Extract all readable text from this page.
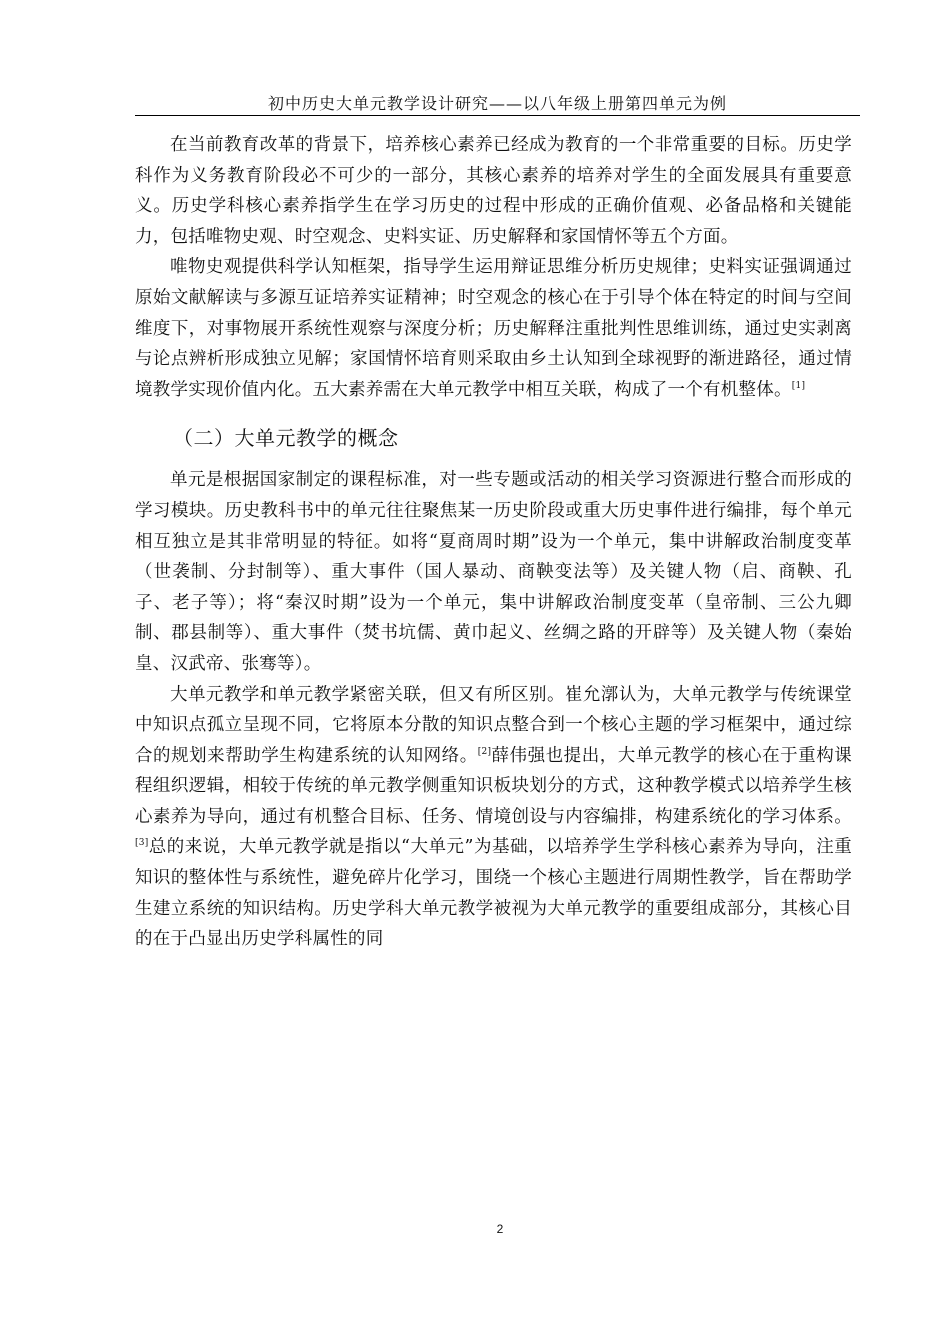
初中历史大单元教学设计研究——以八年级上册第四单元为例

在当前教育改革的背景下，培养核心素养已经成为教育的一个非常重要的目标。历史学科作为义务教育阶段必不可少的一部分，其核心素养的培养对学生的全面发展具有重要意义。历史学科核心素养指学生在学习历史的过程中形成的正确价值观、必备品格和关键能力，包括唯物史观、时空观念、史料实证、历史解释和家国情怀等五个方面。

唯物史观提供科学认知框架，指导学生运用辩证思维分析历史规律；史料实证强调通过原始文献解读与多源互证培养实证精神；时空观念的核心在于引导个体在特定的时间与空间维度下，对事物展开系统性观察与深度分析；历史解释注重批判性思维训练，通过史实剥离与论点辨析形成独立见解；家国情怀培育则采取由乡土认知到全球视野的渐进路径，通过情境教学实现价值内化。五大素养需在大单元教学中相互关联，构成了一个有机整体。[1]

（二）大单元教学的概念

单元是根据国家制定的课程标准，对一些专题或活动的相关学习资源进行整合而形成的学习模块。历史教科书中的单元往往聚焦某一历史阶段或重大历史事件进行编排，每个单元相互独立是其非常明显的特征。如将“夏商周时期”设为一个单元，集中讲解政治制度变革（世袭制、分封制等）、重大事件（国人暴动、商鞅变法等）及关键人物（启、商鞅、孔子、老子等）；将“秦汉时期”设为一个单元，集中讲解政治制度变革（皇帝制、三公九卿制、郡县制等）、重大事件（焚书坑儒、黄巾起义、丝绸之路的开辟等）及关键人物（秦始皇、汉武帝、张骞等）。

大单元教学和单元教学紧密关联，但又有所区别。崔允漷认为，大单元教学与传统课堂中知识点孤立呈现不同，它将原本分散的知识点整合到一个核心主题的学习框架中，通过综合的规划来帮助学生构建系统的认知网络。[2]薛伟强也提出，大单元教学的核心在于重构课程组织逻辑，相较于传统的单元教学侧重知识板块划分的方式，这种教学模式以培养学生核心素养为导向，通过有机整合目标、任务、情境创设与内容编排，构建系统化的学习体系。[3]总的来说，大单元教学就是指以“大单元”为基础，以培养学生学科核心素养为导向，注重知识的整体性与系统性，避免碎片化学习，围绕一个核心主题进行周期性教学，旨在帮助学生建立系统的知识结构。历史学科大单元教学被视为大单元教学的重要组成部分，其核心目的在于凸显出历史学科属性的同

2
